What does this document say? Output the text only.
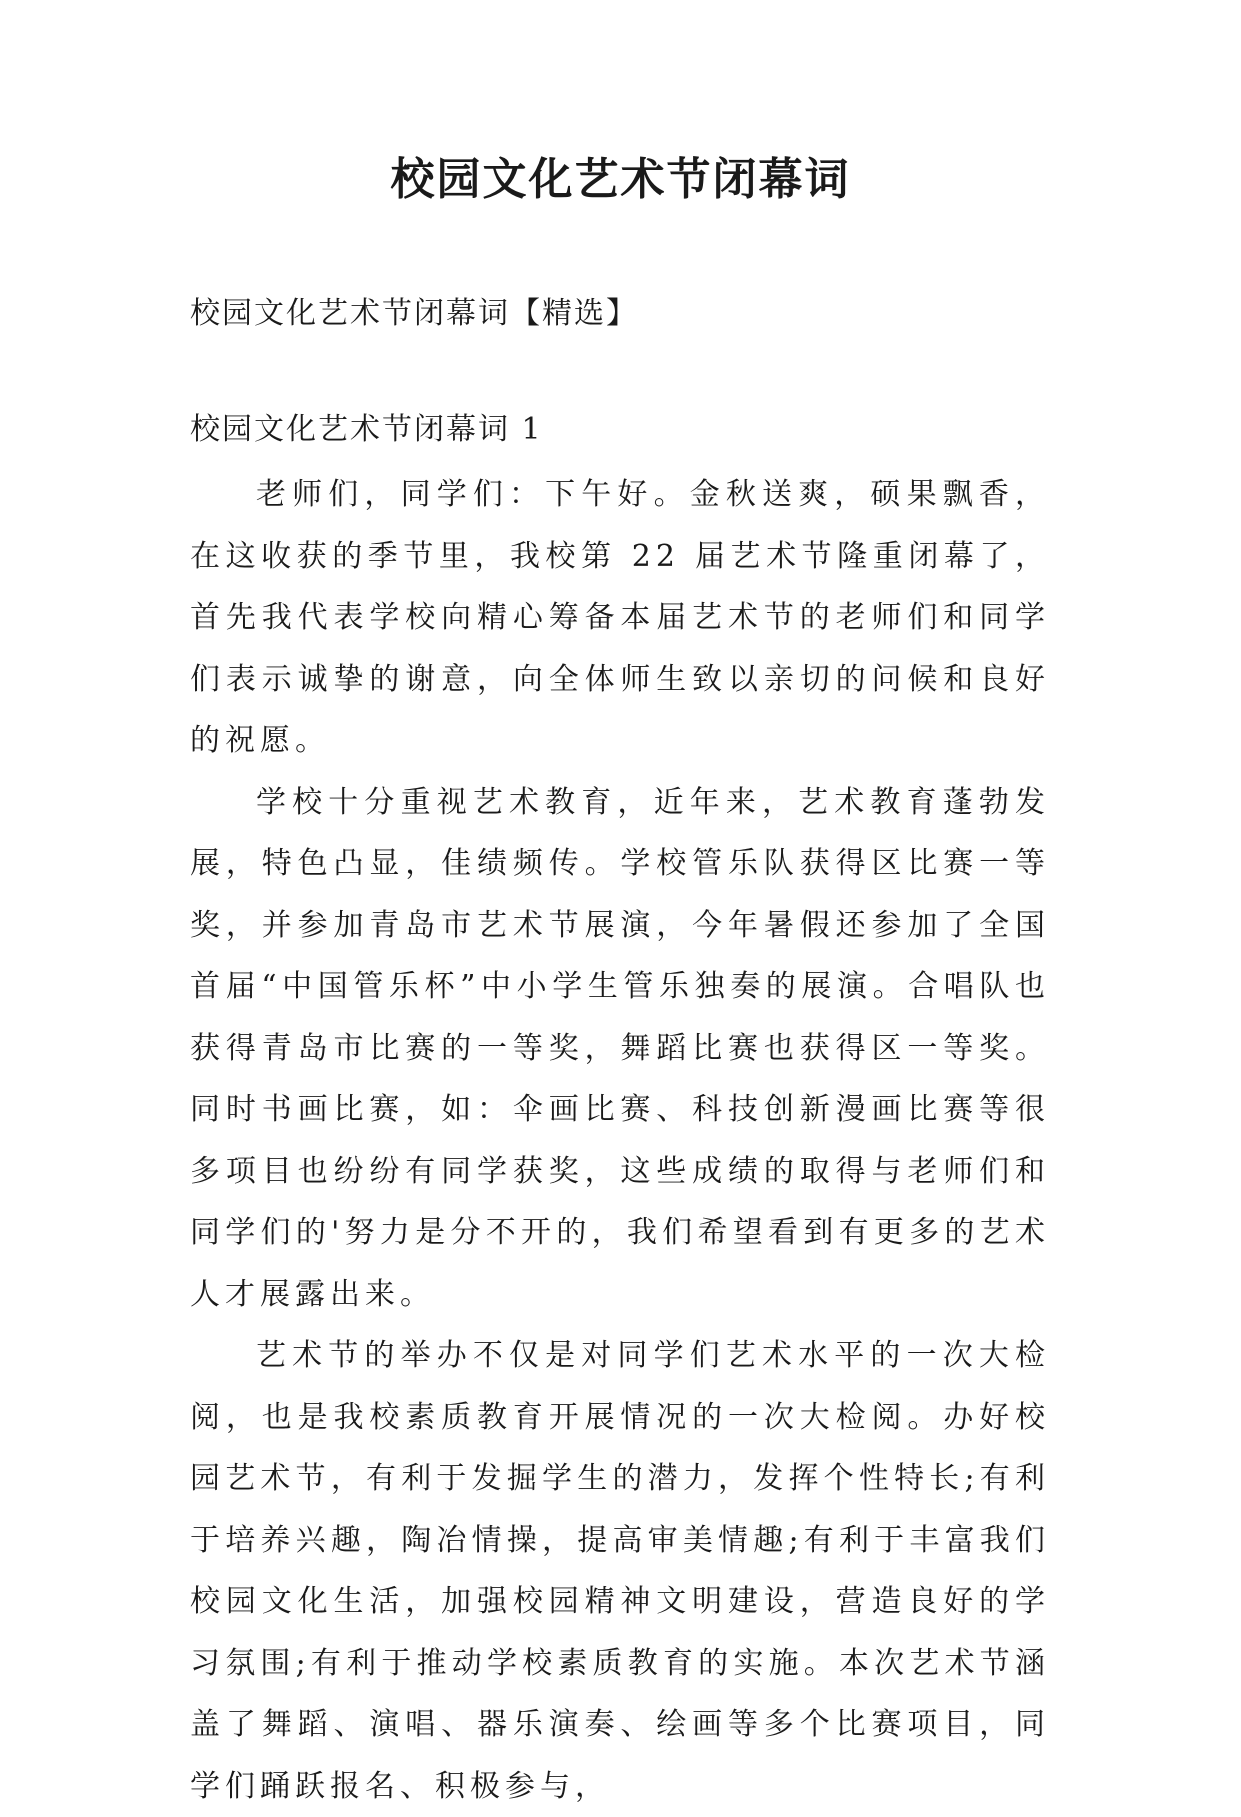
校园文化艺术节闭幕词

校园文化艺术节闭幕词【精选】

校园文化艺术节闭幕词 1

老师们，同学们：下午好。金秋送爽，硕果飘香，在这收获的季节里，我校第 22 届艺术节隆重闭幕了，首先我代表学校向精心筹备本届艺术节的老师们和同学们表示诚挚的谢意，向全体师生致以亲切的问候和良好的祝愿。

学校十分重视艺术教育，近年来，艺术教育蓬勃发展，特色凸显，佳绩频传。学校管乐队获得区比赛一等奖，并参加青岛市艺术节展演，今年暑假还参加了全国首届“中国管乐杯”中小学生管乐独奏的展演。合唱队也获得青岛市比赛的一等奖，舞蹈比赛也获得区一等奖。同时书画比赛，如：伞画比赛、科技创新漫画比赛等很多项目也纷纷有同学获奖，这些成绩的取得与老师们和同学们的'努力是分不开的，我们希望看到有更多的艺术人才展露出来。

艺术节的举办不仅是对同学们艺术水平的一次大检阅，也是我校素质教育开展情况的一次大检阅。办好校园艺术节，有利于发掘学生的潜力，发挥个性特长;有利于培养兴趣，陶冶情操，提高审美情趣;有利于丰富我们校园文化生活，加强校园精神文明建设，营造良好的学习氛围;有利于推动学校素质教育的实施。本次艺术节涵盖了舞蹈、演唱、器乐演奏、绘画等多个比赛项目，同学们踊跃报名、积极参与，
